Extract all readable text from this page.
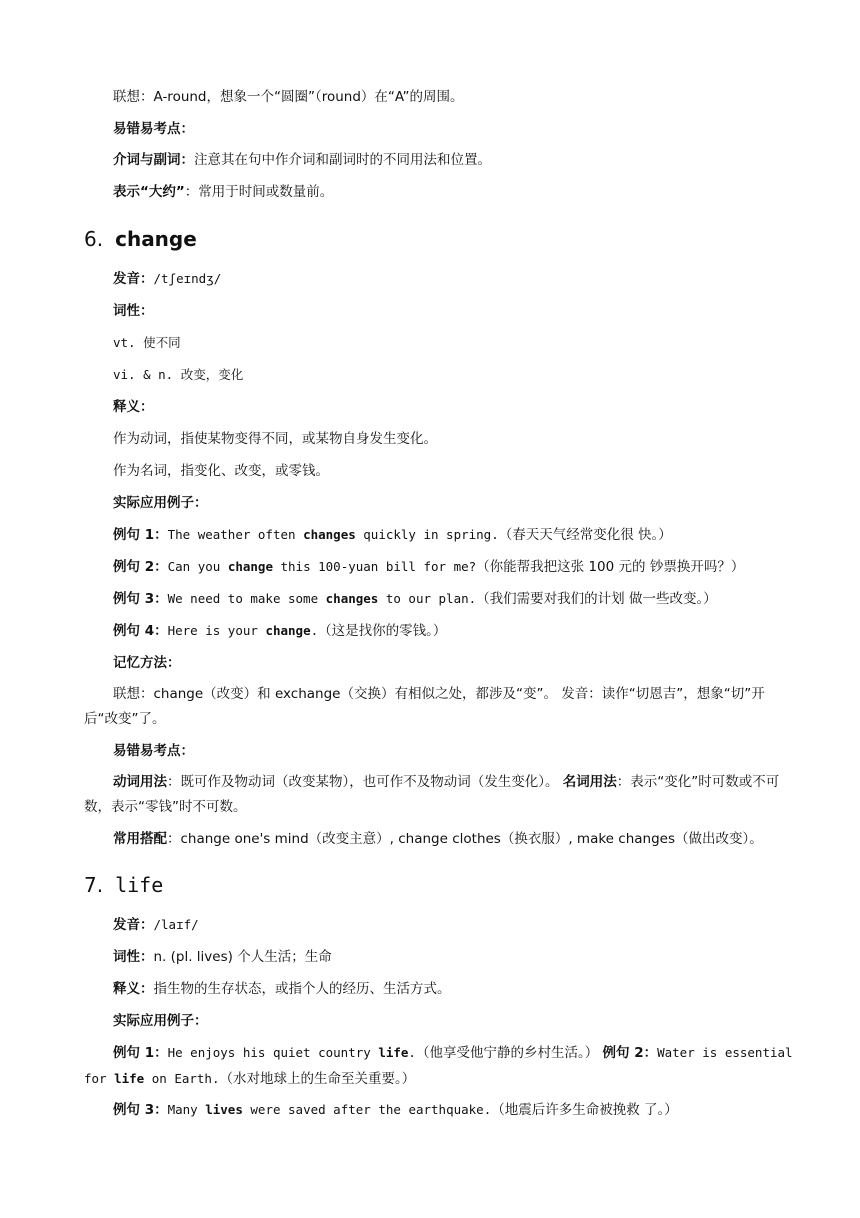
联想：A-round，想象一个“圆圈”（round）在“A”的周围。
易错易考点：
介词与副词：注意其在句中作介词和副词时的不同用法和位置。
表示“大约”：常用于时间或数量前。
6. change
发音：/tʃeɪndʒ/
词性：
vt. 使不同
vi. & n. 改变，变化
释义：
作为动词，指使某物变得不同，或某物自身发生变化。
作为名词，指变化、改变，或零钱。
实际应用例子：
例句 1：The weather often changes quickly in spring.（春天天气经常变化很 快。）
例句 2：Can you change this 100-yuan bill for me?（你能帮我把这张 100 元的 钞票换开吗？）
例句 3：We need to make some changes to our plan.（我们需要对我们的计划 做一些改变。）
例句 4：Here is your change.（这是找你的零钱。）
记忆方法：
联想：change（改变）和 exchange（交换）有相似之处，都涉及“变”。 发音：读作“切恩吉”，想象“切”开后“改变”了。
易错易考点：
动词用法：既可作及物动词（改变某物），也可作不及物动词（发生变化）。 名词用法：表示“变化”时可数或不可数，表示“零钱”时不可数。
常用搭配：change one's mind（改变主意）, change clothes（换衣服）, make changes（做出改变）。
7. life
发音：/laɪf/
词性：n. (pl. lives) 个人生活；生命
释义：指生物的生存状态，或指个人的经历、生活方式。
实际应用例子：
例句 1：He enjoys his quiet country life.（他享受他宁静的乡村生活。） 例句 2：Water is essential for life on Earth.（水对地球上的生命至关重要。）
例句 3：Many lives were saved after the earthquake.（地震后许多生命被挽救 了。）
